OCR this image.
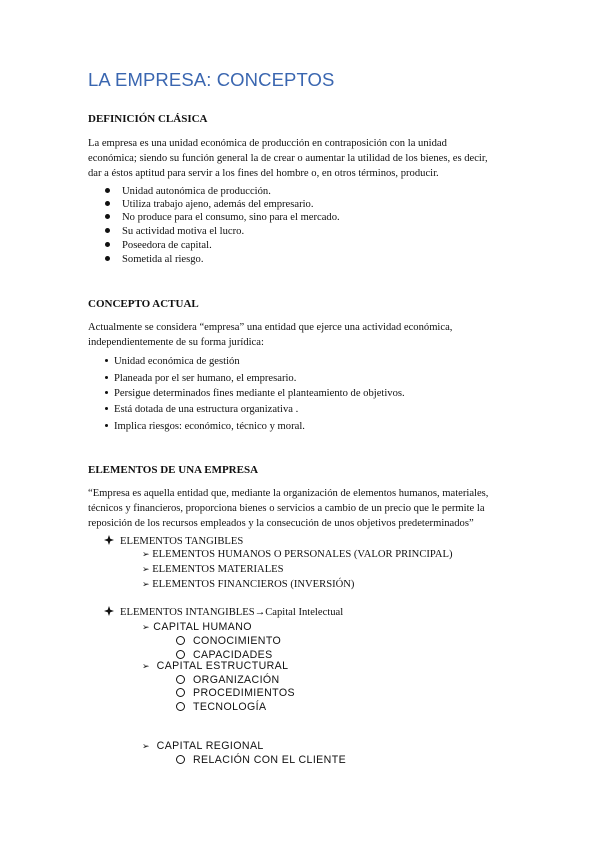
LA EMPRESA: CONCEPTOS
DEFINICIÓN CLÁSICA

La empresa es una unidad económica de producción en contraposición con la unidad

económica; siendo su función general la de crear o aumentar la utilidad de los bienes, es decir,

dar a éstos aptitud para servir a los fines del hombre o, en otros términos, producir.

Unidad autonómica de producción.
Utiliza trabajo ajeno, además del empresario.
No produce para el consumo, sino para el mercado.
Su actividad motiva el lucro.
Poseedora de capital.
Sometida al riesgo.
CONCEPTO ACTUAL

Actualmente se considera “empresa” una entidad que ejerce una actividad económica,

independientemente de su forma jurídica:

Unidad económica de gestión
Planeada por el ser humano, el empresario.
Persigue determinados fines mediante el planteamiento de objetivos.
Está dotada de una estructura organizativa .
Implica riesgos: económico, técnico y moral.
ELEMENTOS DE UNA EMPRESA

“Empresa es aquella entidad que, mediante la organización de elementos humanos, materiales,

técnicos y financieros, proporciona bienes o servicios a cambio de un precio que le permite la

reposición de los recursos empleados y la consecución de unos objetivos predeterminados”

ELEMENTOS TANGIBLES
➢ ELEMENTOS HUMANOS O PERSONALES (VALOR PRINCIPAL)
➢ ELEMENTOS MATERIALES
➢ ELEMENTOS FINANCIEROS (INVERSIÓN)
ELEMENTOS INTANGIBLES→Capital Intelectual
➢ CAPITAL HUMANO
CONOCIMIENTO
CAPACIDADES
➢ CAPITAL ESTRUCTURAL
ORGANIZACIÓN
PROCEDIMIENTOS
TECNOLOGÍA
➢ CAPITAL REGIONAL
RELACIÓN CON EL CLIENTE
